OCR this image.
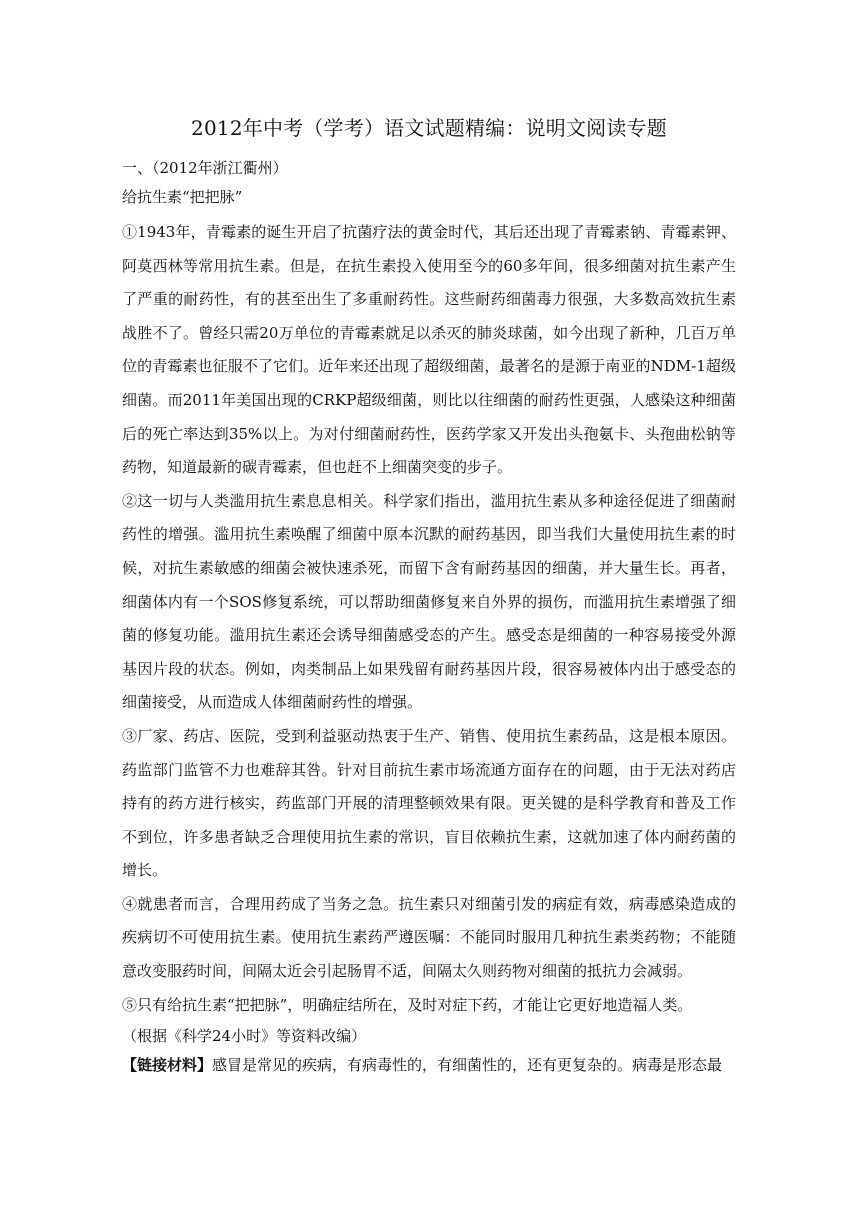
2012年中考（学考）语文试题精编：说明文阅读专题

一、（2012年浙江衢州）

给抗生素“把把脉”

①1943年，青霉素的诞生开启了抗菌疗法的黄金时代，其后还出现了青霉素钠、青霉素钾、阿莫西林等常用抗生素。但是，在抗生素投入使用至今的60多年间，很多细菌对抗生素产生了严重的耐药性，有的甚至出生了多重耐药性。这些耐药细菌毒力很强，大多数高效抗生素战胜不了。曾经只需20万单位的青霉素就足以杀灭的肺炎球菌，如今出现了新种，几百万单位的青霉素也征服不了它们。近年来还出现了超级细菌，最著名的是源于南亚的NDM-1超级细菌。而2011年美国出现的CRKP超级细菌，则比以往细菌的耐药性更强，人感染这种细菌后的死亡率达到35%以上。为对付细菌耐药性，医药学家又开发出头孢氨卡、头孢曲松钠等药物，知道最新的碳青霉素，但也赶不上细菌突变的步子。

②这一切与人类滥用抗生素息息相关。科学家们指出，滥用抗生素从多种途径促进了细菌耐药性的增强。滥用抗生素唤醒了细菌中原本沉默的耐药基因，即当我们大量使用抗生素的时候，对抗生素敏感的细菌会被快速杀死，而留下含有耐药基因的细菌，并大量生长。再者，细菌体内有一个SOS修复系统，可以帮助细菌修复来自外界的损伤，而滥用抗生素增强了细菌的修复功能。滥用抗生素还会诱导细菌感受态的产生。感受态是细菌的一种容易接受外源基因片段的状态。例如，肉类制品上如果残留有耐药基因片段，很容易被体内出于感受态的细菌接受，从而造成人体细菌耐药性的增强。

③厂家、药店、医院，受到利益驱动热衷于生产、销售、使用抗生素药品，这是根本原因。药监部门监管不力也难辞其咎。针对目前抗生素市场流通方面存在的问题，由于无法对药店持有的药方进行核实，药监部门开展的清理整顿效果有限。更关键的是科学教育和普及工作不到位，许多患者缺乏合理使用抗生素的常识，盲目依赖抗生素，这就加速了体内耐药菌的增长。

④就患者而言，合理用药成了当务之急。抗生素只对细菌引发的病症有效，病毒感染造成的疾病切不可使用抗生素。使用抗生素药严遵医嘱：不能同时服用几种抗生素类药物；不能随意改变服药时间，间隔太近会引起肠胃不适，间隔太久则药物对细菌的抵抗力会减弱。

⑤只有给抗生素“把把脉”，明确症结所在，及时对症下药，才能让它更好地造福人类。

（根据《科学24小时》等资料改编）

【链接材料】感冒是常见的疾病，有病毒性的，有细菌性的，还有更复杂的。病毒是形态最
